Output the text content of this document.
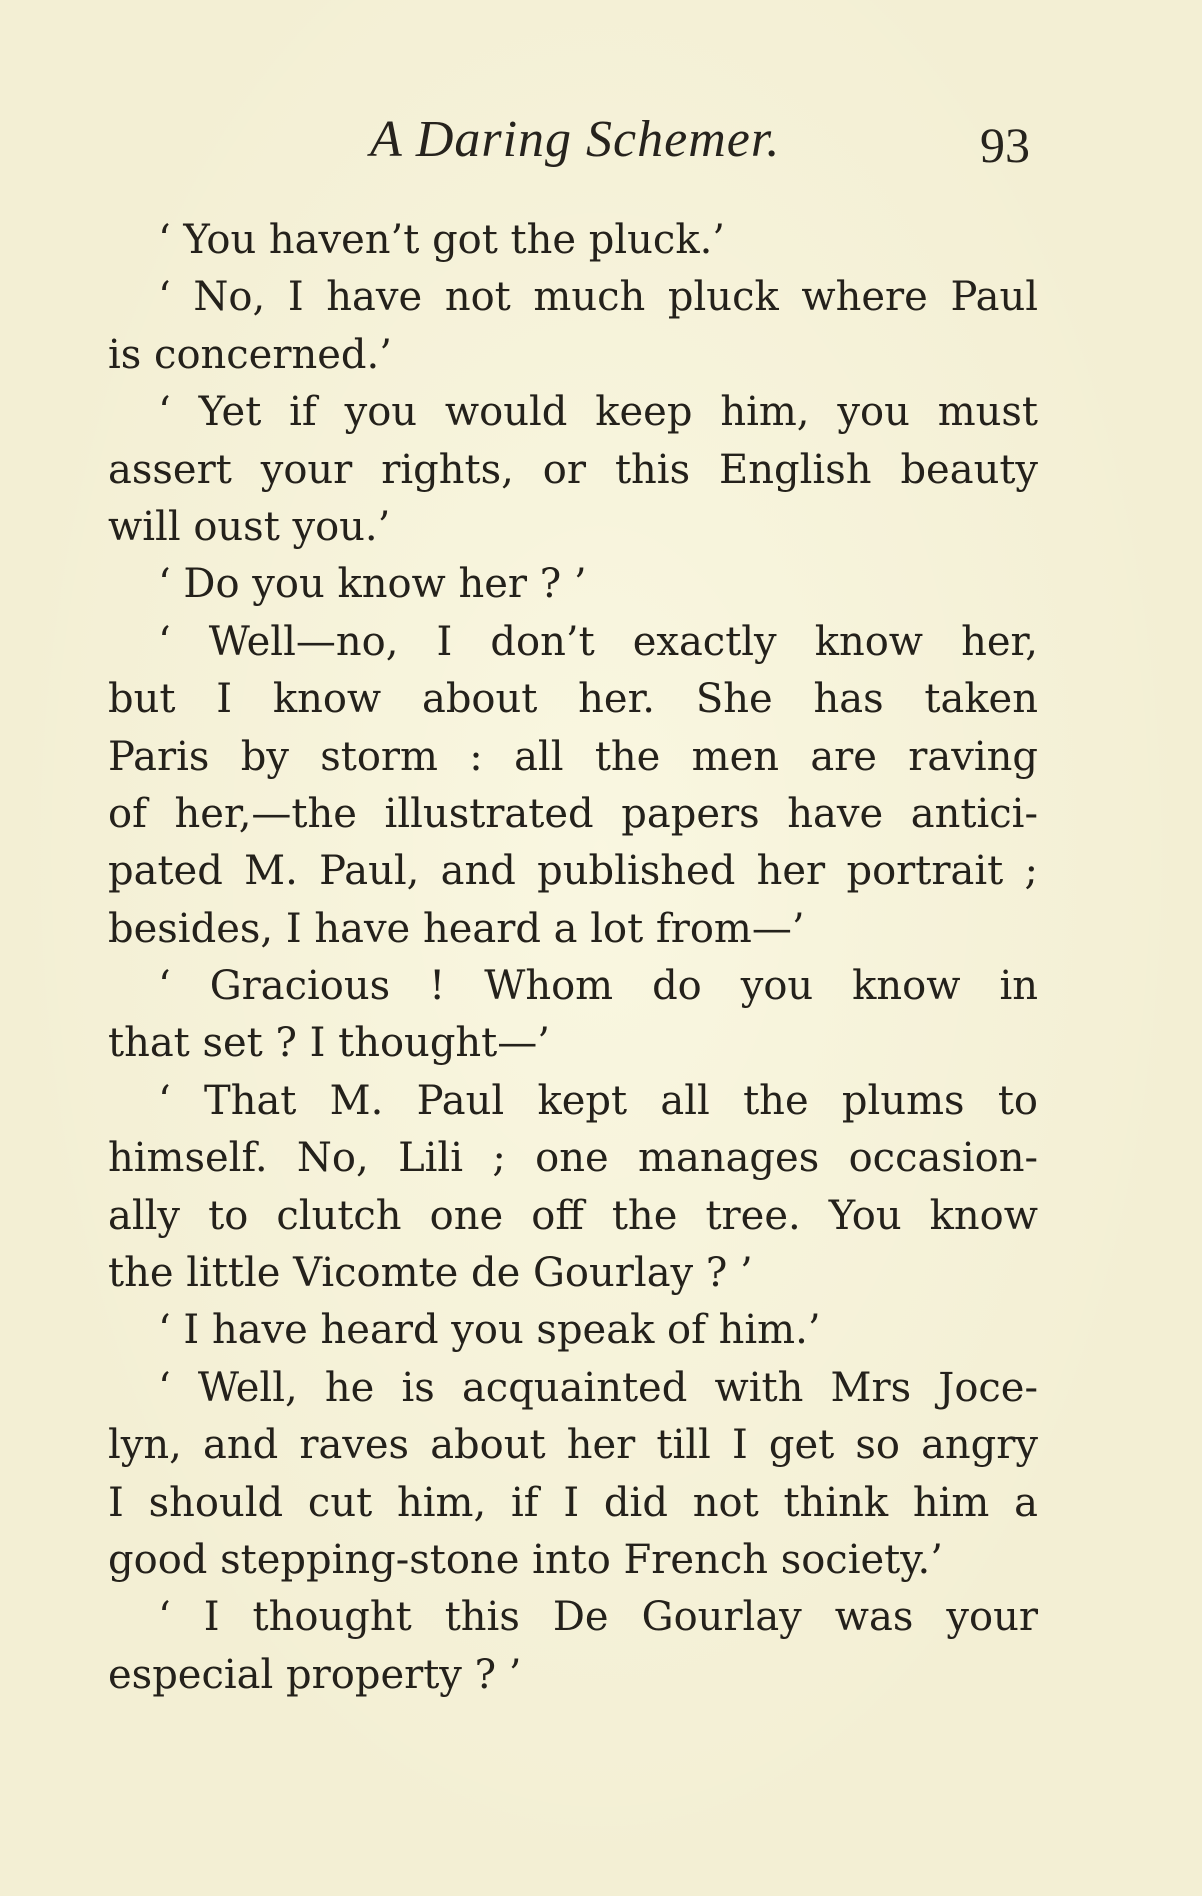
A Daring Schemer.	93
‘ You haven’t got the pluck.’
‘ No, I have not much pluck where Paul
is concerned.’
‘ Yet if you would keep him, you must
assert your rights, or this English beauty
will oust you.’
‘ Do you know her ? ’
‘ Well—no, I don’t exactly know her,
but I know about her. She has taken
Paris by storm : all the men are raving
of her,—the illustrated papers have antici-
pated M. Paul, and published her portrait ;
besides, I have heard a lot from—’
‘ Gracious ! Whom do you know in
that set ? I thought—’
‘ That M. Paul kept all the plums to
himself. No, Lili ; one manages occasion-
ally to clutch one off the tree. You know
the little Vicomte de Gourlay ? ’
‘ I have heard you speak of him.’
‘ Well, he is acquainted with Mrs Joce-
lyn, and raves about her till I get so angry
I should cut him, if I did not think him a
good stepping-stone into French society.’
‘ I thought this De Gourlay was your
especial property ? ’
